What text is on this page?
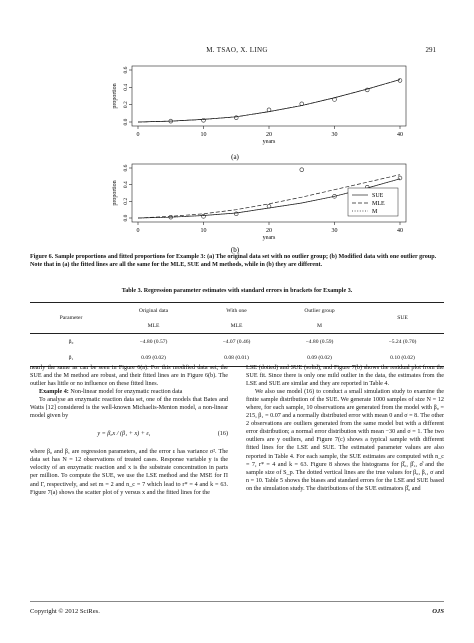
M. TSAO, X. LING	291
0	10	20	30	40
0.0
0.2
0.4
0.6
years
proportion
(a)
0	10	20	30	40
0.0
0.2
0.4
0.6
years
proportion	SUE
MLE
M
(b)
Figure 6. Sample proportions and fitted proportions for Example 3: (a) The original data set with no outlier group; (b) Modified data with one outlier group. Note that in (a) the fitted lines are all the same for the MLE, SUE and M methods, while in (b) they are different.
Table 3. Regression parameter estimates with standard errors in brackets for Example 3.
Parameter	Original data	With one	Outlier group	SUE
	MLE	MLE	M	
β₀	−4.80 (0.57)	−4.07 (0.46)	−4.80 (0.59)	−5.24 (0.70)
β₁	0.09 (0.02)	0.08 (0.01)	0.09 (0.02)	0.10 (0.02)

nearly the same as can be seen in Figure 6(a). For this modified data set, the SUE and the M method are robust, and their fitted lines are in Figure 6(b). The outlier has little or no influence on these fitted lines.

Example 4: Non-linear model for enzymatic reaction data

To analyse an enzymatic reaction data set, one of the models that Bates and Watts [12] considered is the well-known Michaelis-Menton model, a non-linear model given by

y = β₀x / (β₁ + x) + ε,	(16)

where β₀ and β₁ are regression parameters, and the error ε has variance σ². The data set has N = 12 observations of treated cases. Response variable y is the velocity of an enzymatic reaction and x is the substrate concentration in parts per million. To compute the SUE, we use the LSE method and the MSE for Π and Γ, respectively, and set m = 2 and n_c = 7 which lead to r* = 4 and k = 63. Figure 7(a) shows the scatter plot of y versus x and the fitted lines for the

LSE (dotted) and SUE (solid), and Figure 7(b) shows the residual plot from the SUE fit. Since there is only one mild outlier in the data, the estimates from the LSE and SUE are similar and they are reported in Table 4.

We also use model (16) to conduct a small simulation study to examine the finite sample distribution of the SUE. We generate 1000 samples of size N = 12 where, for each sample, 10 observations are generated from the model with β₀ = 215, β₁ = 0.07 and a normally distributed error with mean 0 and σ = 8. The other 2 observations are outliers generated from the same model but with a different error distribution; a normal error distribution with mean −30 and σ = 1. The two outliers are y outliers, and Figure 7(c) shows a typical sample with different fitted lines for the LSE and SUE. The estimated parameter values are also reported in Table 4. For each sample, the SUE estimates are computed with n_c = 7, r* = 4 and k = 63. Figure 8 shows the histograms for β̂₀, β̂₁, σ̂ and the sample size of S_p. The dotted vertical lines are the true values for β₀, β₁, σ and n = 10. Table 5 shows the biases and standard errors for the LSE and SUE based on the simulation study. The distributions of the SUE estimators β̂₀ and

Copyright © 2012 SciRes.	OJS
